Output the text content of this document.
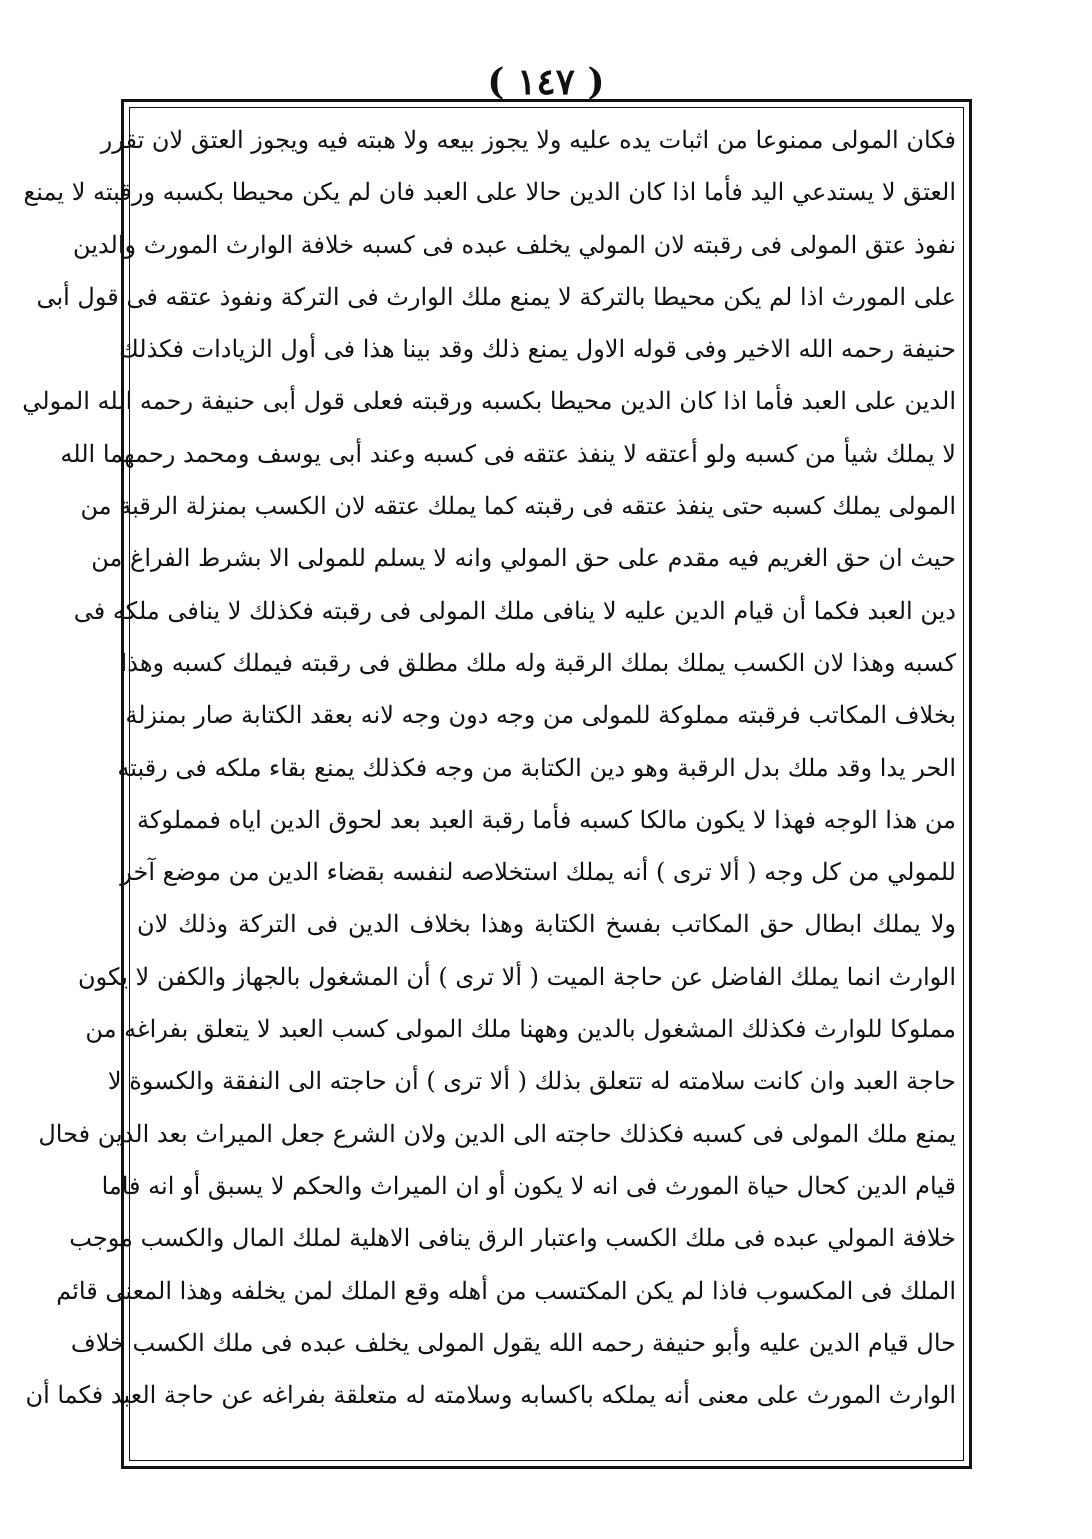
( ١٤٧ )
فكان المولى ممنوعا من اثبات يده عليه ولا يجوز بيعه ولا هبته فيه ويجوز العتق لان تقرر
العتق لا يستدعي اليد فأما اذا كان الدين حالا على العبد فان لم يكن محيطا بكسبه ورقبته لا يمنع
نفوذ عتق المولى فى رقبته لان المولي يخلف عبده فى كسبه خلافة الوارث المورث والدين
على المورث اذا لم يكن محيطا بالتركة لا يمنع ملك الوارث فى التركة ونفوذ عتقه فى قول أبى
حنيفة رحمه الله الاخير وفى قوله الاول يمنع ذلك وقد بينا هذا فى أول الزيادات فكذلك
الدين على العبد فأما اذا كان الدين محيطا بكسبه ورقبته فعلى قول أبى حنيفة رحمه الله المولي
لا يملك شيأ من كسبه ولو أعتقه لا ينفذ عتقه فى كسبه وعند أبى يوسف ومحمد رحمهما الله
المولى يملك كسبه حتى ينفذ عتقه فى رقبته كما يملك عتقه لان الكسب بمنزلة الرقبة من
حيث ان حق الغريم فيه مقدم على حق المولي وانه لا يسلم للمولى الا بشرط الفراغ من
دين العبد فكما أن قيام الدين عليه لا ينافى ملك المولى فى رقبته فكذلك لا ينافى ملكه فى
كسبه وهذا لان الكسب يملك بملك الرقبة وله ملك مطلق فى رقبته فيملك كسبه وهذا
بخلاف المكاتب فرقبته مملوكة للمولى من وجه دون وجه لانه بعقد الكتابة صار بمنزلة
الحر يدا وقد ملك بدل الرقبة وهو دين الكتابة من وجه فكذلك يمنع بقاء ملكه فى رقبته
من هذا الوجه فهذا لا يكون مالكا كسبه فأما رقبة العبد بعد لحوق الدين اياه فمملوكة
للمولي من كل وجه ( ألا ترى ) أنه يملك استخلاصه لنفسه بقضاء الدين من موضع آخر
ولا يملك ابطال حق المكاتب بفسخ الكتابة وهذا بخلاف الدين فى التركة وذلك لان
الوارث انما يملك الفاضل عن حاجة الميت ( ألا ترى ) أن المشغول بالجهاز والكفن لا يكون
مملوكا للوارث فكذلك المشغول بالدين وههنا ملك المولى كسب العبد لا يتعلق بفراغه من
حاجة العبد وان كانت سلامته له تتعلق بذلك ( ألا ترى ) أن حاجته الى النفقة والكسوة لا
يمنع ملك المولى فى كسبه فكذلك حاجته الى الدين ولان الشرع جعل الميراث بعد الدين فحال
قيام الدين كحال حياة المورث فى انه لا يكون أو ان الميراث والحكم لا يسبق أو انه فاما
خلافة المولي عبده فى ملك الكسب واعتبار الرق ينافى الاهلية لملك المال والكسب موجب
الملك فى المكسوب فاذا لم يكن المكتسب من أهله وقع الملك لمن يخلفه وهذا المعنى قائم
حال قيام الدين عليه وأبو حنيفة رحمه الله يقول المولى يخلف عبده فى ملك الكسب خلاف
الوارث المورث على معنى أنه يملكه باكسابه وسلامته له متعلقة بفراغه عن حاجة العبد فكما أن
